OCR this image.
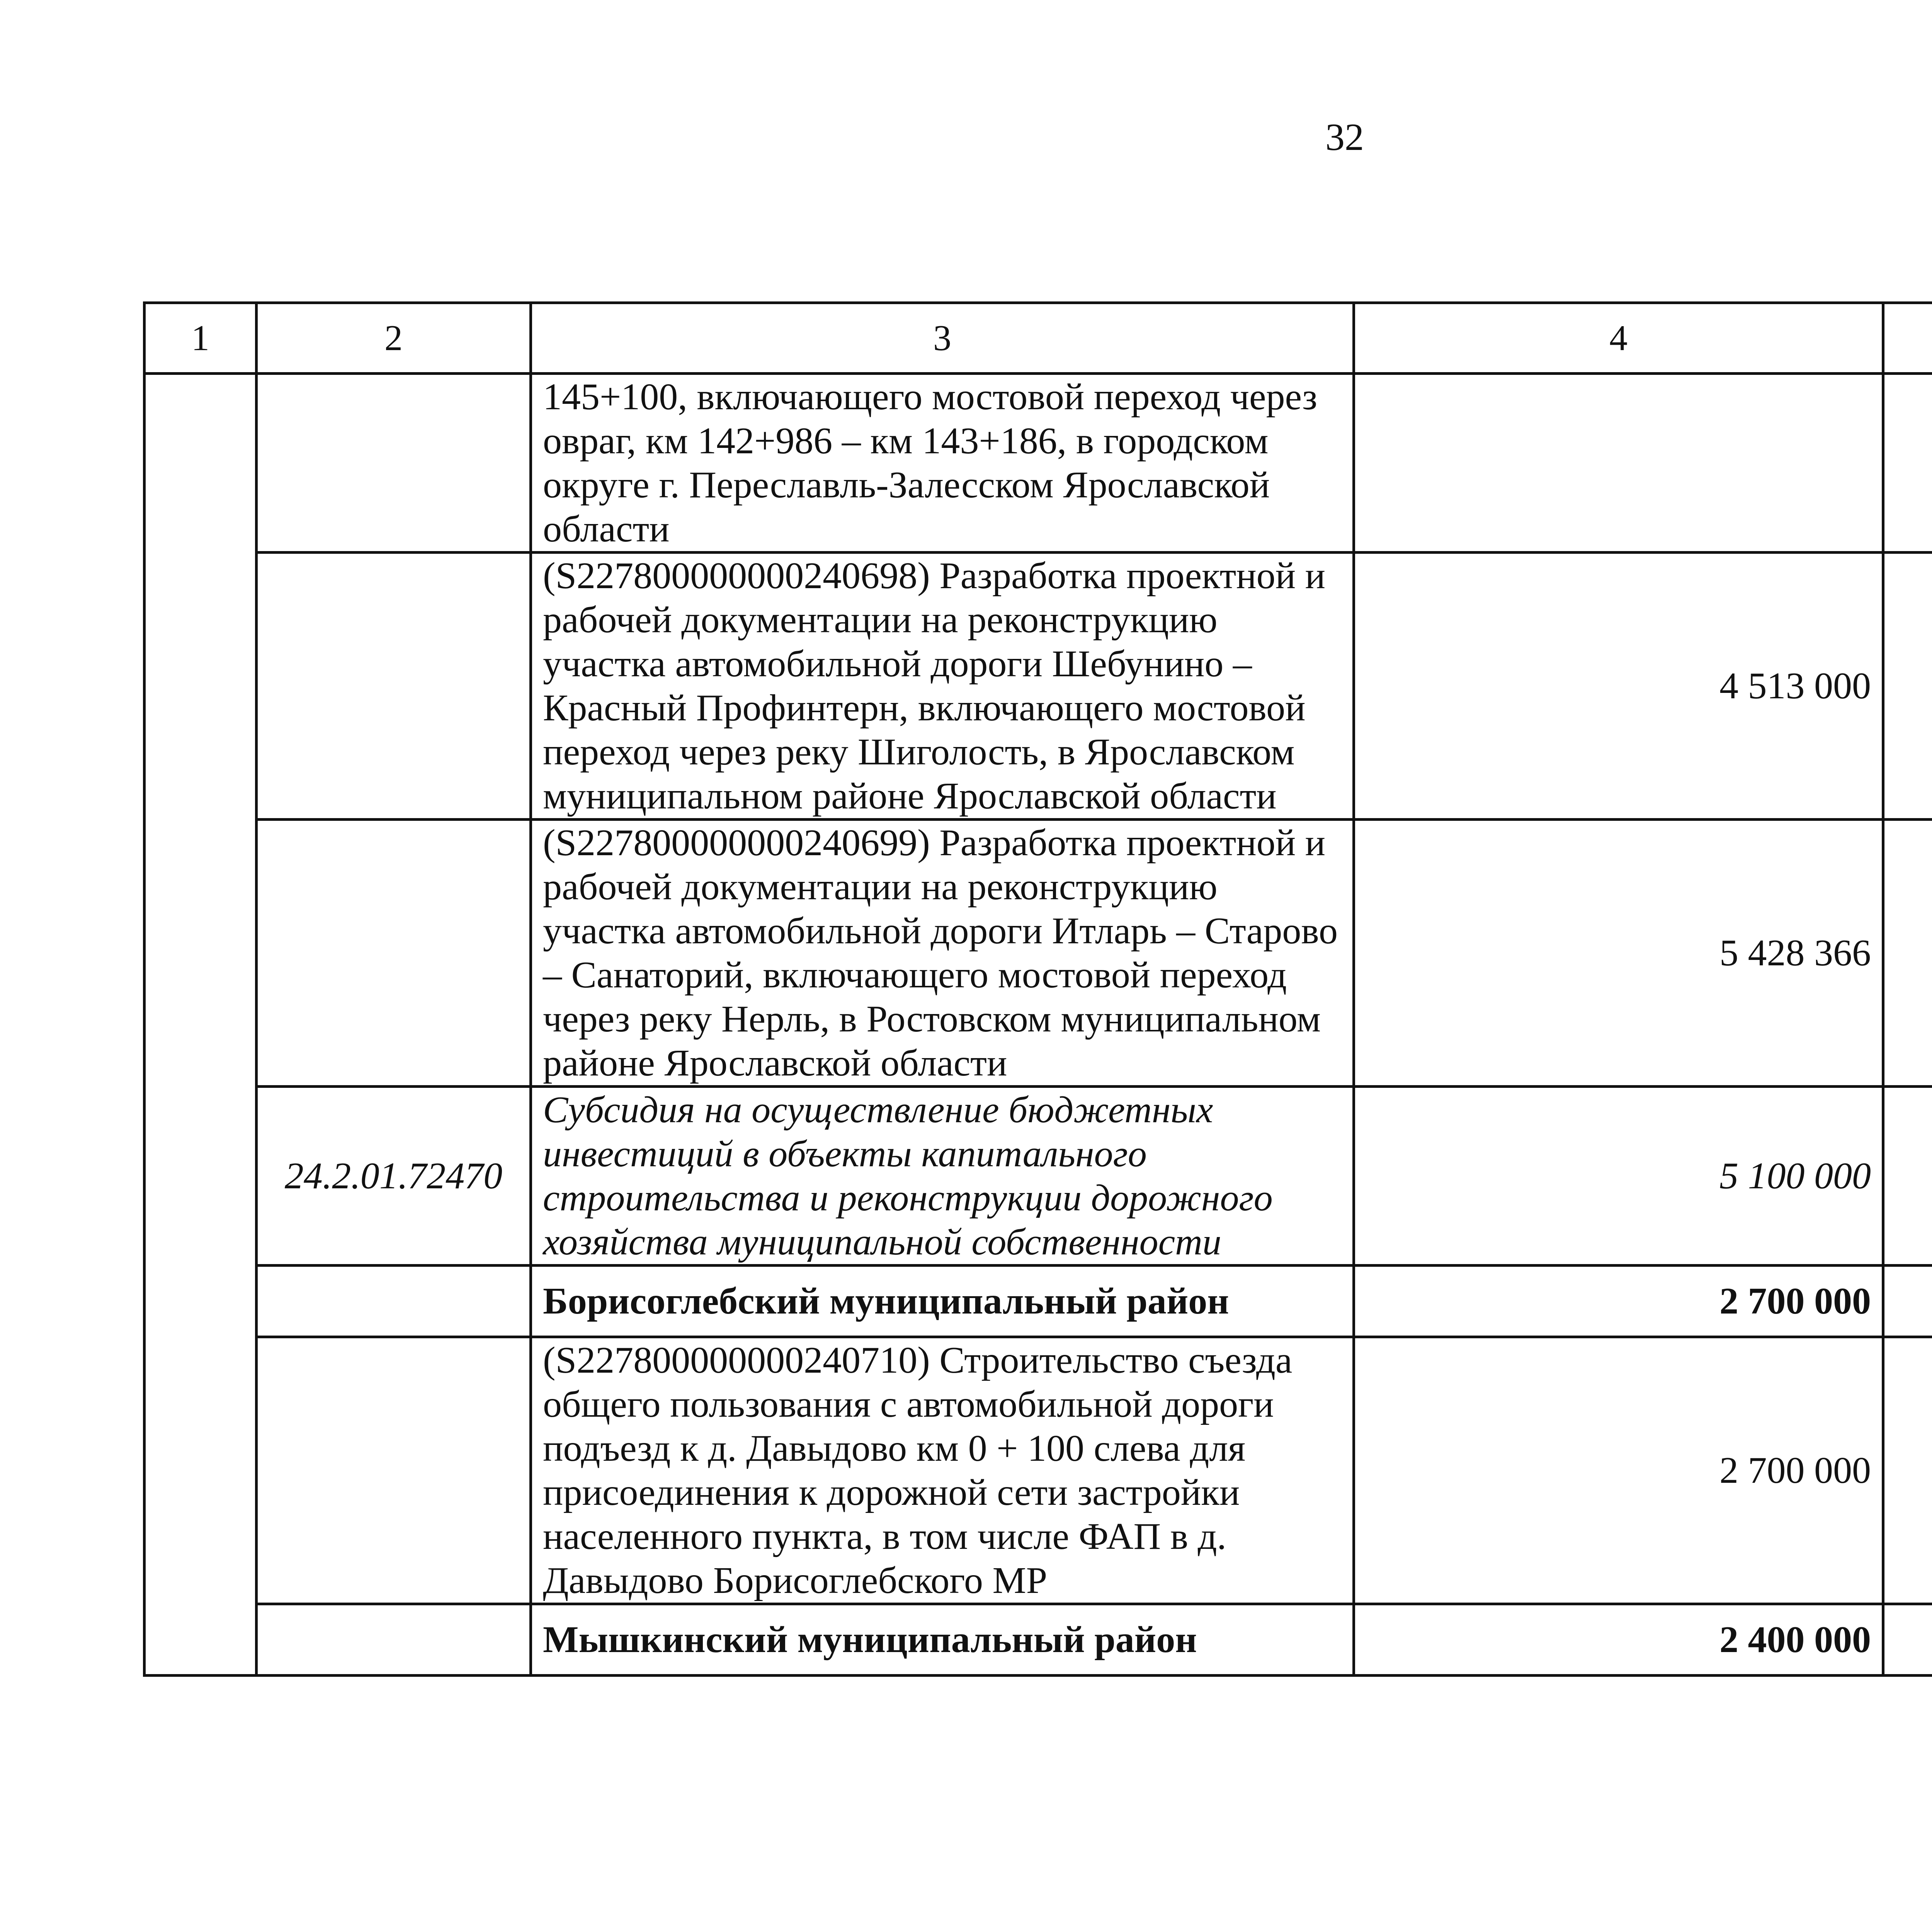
32
1	2	3	4			
		145+100, включающего мостовой переход через овраг, км 142+986 – км 143+186, в городском округе г. Переславль-Залесском Ярославской области				
		(S227800000000240698) Разработка проектной и рабочей документации на реконструкцию участка автомобильной дороги Шебунино – Красный Профинтерн, включающего мостовой переход через реку Шиголость, в Ярославском муниципальном районе Ярославской области	4 513 000			
		(S227800000000240699) Разработка проектной и рабочей документации на реконструкцию участка автомобильной дороги Итларь – Старово – Санаторий, включающего мостовой переход через реку Нерль, в Ростовском муниципальном районе Ярославской области	5 428 366			
	24.2.01.72470	Субсидия на осуществление бюджетных инвестиций в объекты капитального строительства и реконструкции дорожного хозяйства муниципальной собственности	5 100 000			
		Борисоглебский муниципальный район	2 700 000			
		(S227800000000240710) Строительство съезда общего пользования с автомобильной дороги подъезд к д. Давыдово км 0 + 100 слева для присоединения к дорожной сети застройки населенного пункта, в том числе ФАП в д. Давыдово Борисоглебского МР	2 700 000			
		Мышкинский муниципальный район	2 400 000			
